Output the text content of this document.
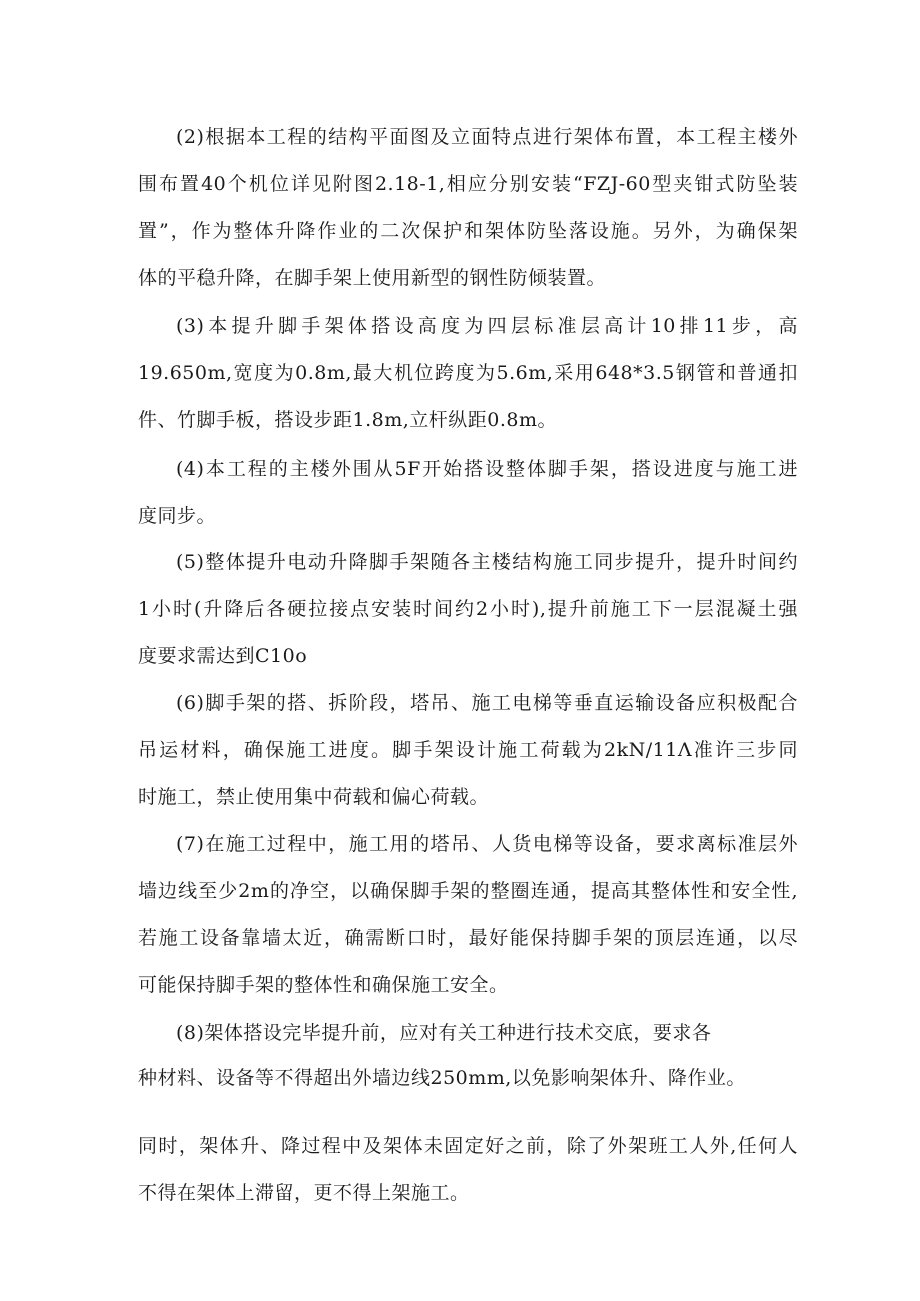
(2)根据本工程的结构平面图及立面特点进行架体布置，本工程主楼外
围布置40个机位详见附图2.18-1,相应分别安装“FZJ-60型夹钳式防坠装
置”，作为整体升降作业的二次保护和架体防坠落设施。另外，为确保架
体的平稳升降，在脚手架上使用新型的钢性防倾装置。
(3)本提升脚手架体搭设高度为四层标准层高计10排11步，高
19.650m,宽度为0.8m,最大机位跨度为5.6m,采用648*3.5钢管和普通扣
件、竹脚手板，搭设步距1.8m,立杆纵距0.8m。
(4)本工程的主楼外围从5F开始搭设整体脚手架，搭设进度与施工进
度同步。
(5)整体提升电动升降脚手架随各主楼结构施工同步提升，提升时间约
1小时(升降后各硬拉接点安装时间约2小时),提升前施工下一层混凝土强
度要求需达到C10o
(6)脚手架的搭、拆阶段，塔吊、施工电梯等垂直运输设备应积极配合
吊运材料，确保施工进度。脚手架设计施工荷载为2kN/11Λ准许三步同
时施工，禁止使用集中荷载和偏心荷载。
(7)在施工过程中，施工用的塔吊、人货电梯等设备，要求离标准层外
墙边线至少2m的净空，以确保脚手架的整圈连通，提高其整体性和安全性,
若施工设备靠墙太近，确需断口时，最好能保持脚手架的顶层连通，以尽
可能保持脚手架的整体性和确保施工安全。
(8)架体搭设完毕提升前，应对有关工种进行技术交底，要求各
种材料、设备等不得超出外墙边线250mm,以免影响架体升、降作业。
同时，架体升、降过程中及架体未固定好之前，除了外架班工人外,任何人
不得在架体上滞留，更不得上架施工。
